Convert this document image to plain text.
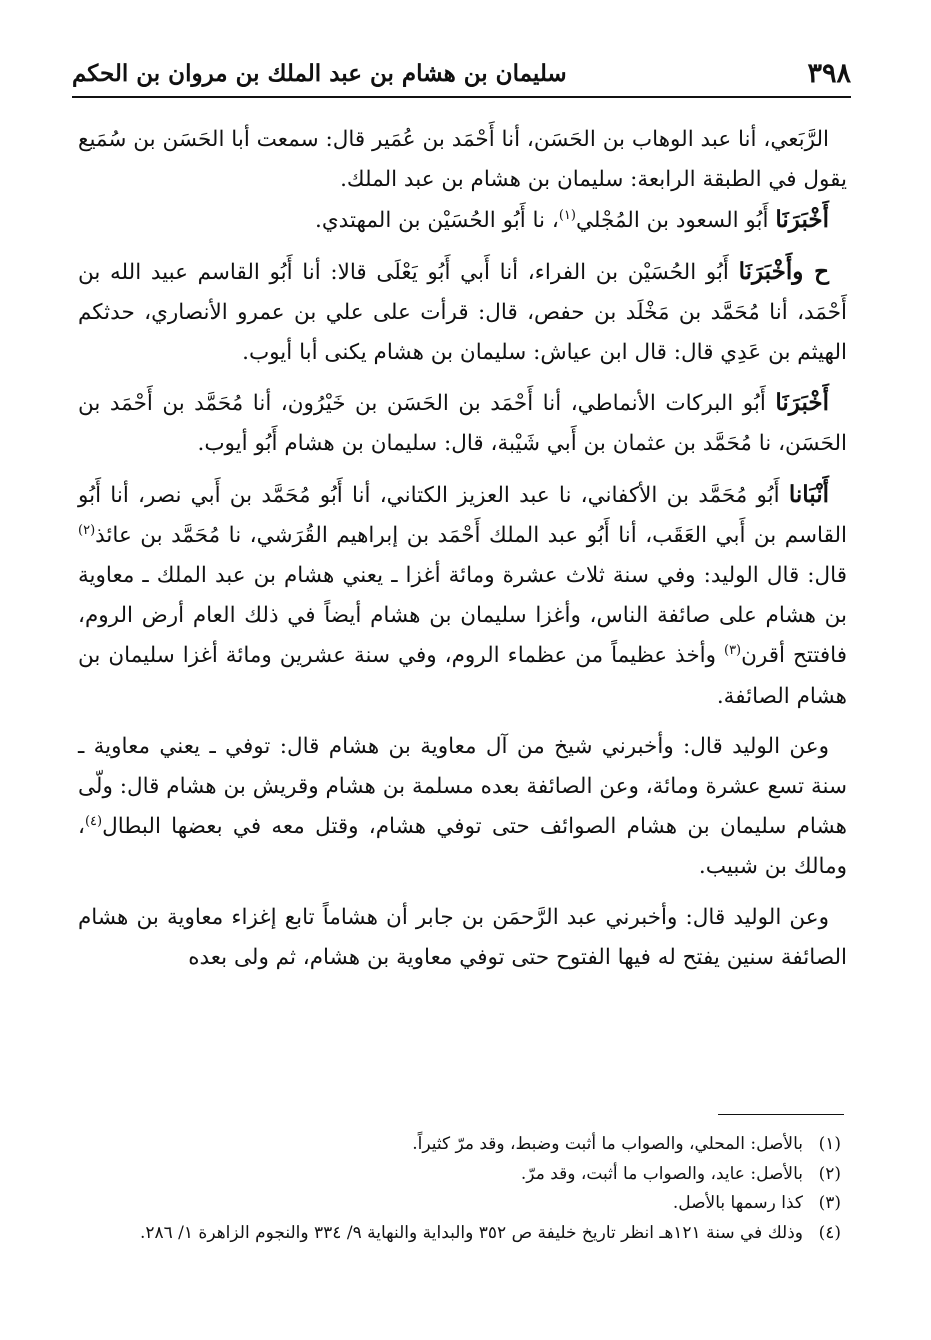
٣٩٨
سليمان بن هشام بن عبد الملك بن مروان بن الحكم

الرَّبَعي، أنا عبد الوهاب بن الحَسَن، أنا أَحْمَد بن عُمَير قال: سمعت أبا الحَسَن بن سُمَيع يقول في الطبقة الرابعة: سليمان بن هشام بن عبد الملك.

أَخْبَرَنَا أَبُو السعود بن المُجْلي$^{(١)}$، نا أَبُو الحُسَيْن بن المهتدي.

ح وأَخْبَرَنَا أَبُو الحُسَيْن بن الفراء، أنا أَبي أَبُو يَعْلَى قالا: أنا أَبُو القاسم عبيد الله بن أَحْمَد، أنا مُحَمَّد بن مَخْلَد بن حفص، قال: قرأت على علي بن عمرو الأنصاري، حدثكم الهيثم بن عَدِي قال: قال ابن عياش: سليمان بن هشام يكنى أبا أيوب.

أَخْبَرَنَا أَبُو البركات الأنماطي، أنا أَحْمَد بن الحَسَن بن خَيْرُون، أنا مُحَمَّد بن أَحْمَد بن الحَسَن، نا مُحَمَّد بن عثمان بن أَبي شَيْبة، قال: سليمان بن هشام أَبُو أيوب.

أَنْبَانا أَبُو مُحَمَّد بن الأكفاني، نا عبد العزيز الكتاني، أنا أَبُو مُحَمَّد بن أَبي نصر، أنا أَبُو القاسم بن أَبي العَقَب، أنا أَبُو عبد الملك أَحْمَد بن إبراهيم القُرَشي، نا مُحَمَّد بن عائذ$^{(٢)}$ قال: قال الوليد: وفي سنة ثلاث عشرة ومائة أغزا ـ يعني هشام بن عبد الملك ـ معاوية بن هشام على صائفة الناس، وأغزا سليمان بن هشام أيضاً في ذلك العام أرض الروم، فافتتح أقرن$^{(٣)}$ وأخذ عظيماً من عظماء الروم، وفي سنة عشرين ومائة أغزا سليمان بن هشام الصائفة.

وعن الوليد قال: وأخبرني شيخ من آل معاوية بن هشام قال: توفي ـ يعني معاوية ـ سنة تسع عشرة ومائة، وعن الصائفة بعده مسلمة بن هشام وقريش بن هشام قال: ولّى هشام سليمان بن هشام الصوائف حتى توفي هشام، وقتل معه في بعضها البطال$^{(٤)}$، ومالك بن شبيب.

وعن الوليد قال: وأخبرني عبد الرَّحمَن بن جابر أن هشاماً تابع إغزاء معاوية بن هشام الصائفة سنين يفتح له فيها الفتوح حتى توفي معاوية بن هشام، ثم ولى بعده

(١)
بالأصل: المحلي، والصواب ما أثبت وضبط، وقد مرّ كثيراً.

(٢)
بالأصل: عايد، والصواب ما أثبت، وقد مرّ.

(٣)
كذا رسمها بالأصل.

(٤)
وذلك في سنة ١٢١هـ انظر تاريخ خليفة ص ٣٥٢ والبداية والنهاية ٩/ ٣٣٤ والنجوم الزاهرة ١/ ٢٨٦.
